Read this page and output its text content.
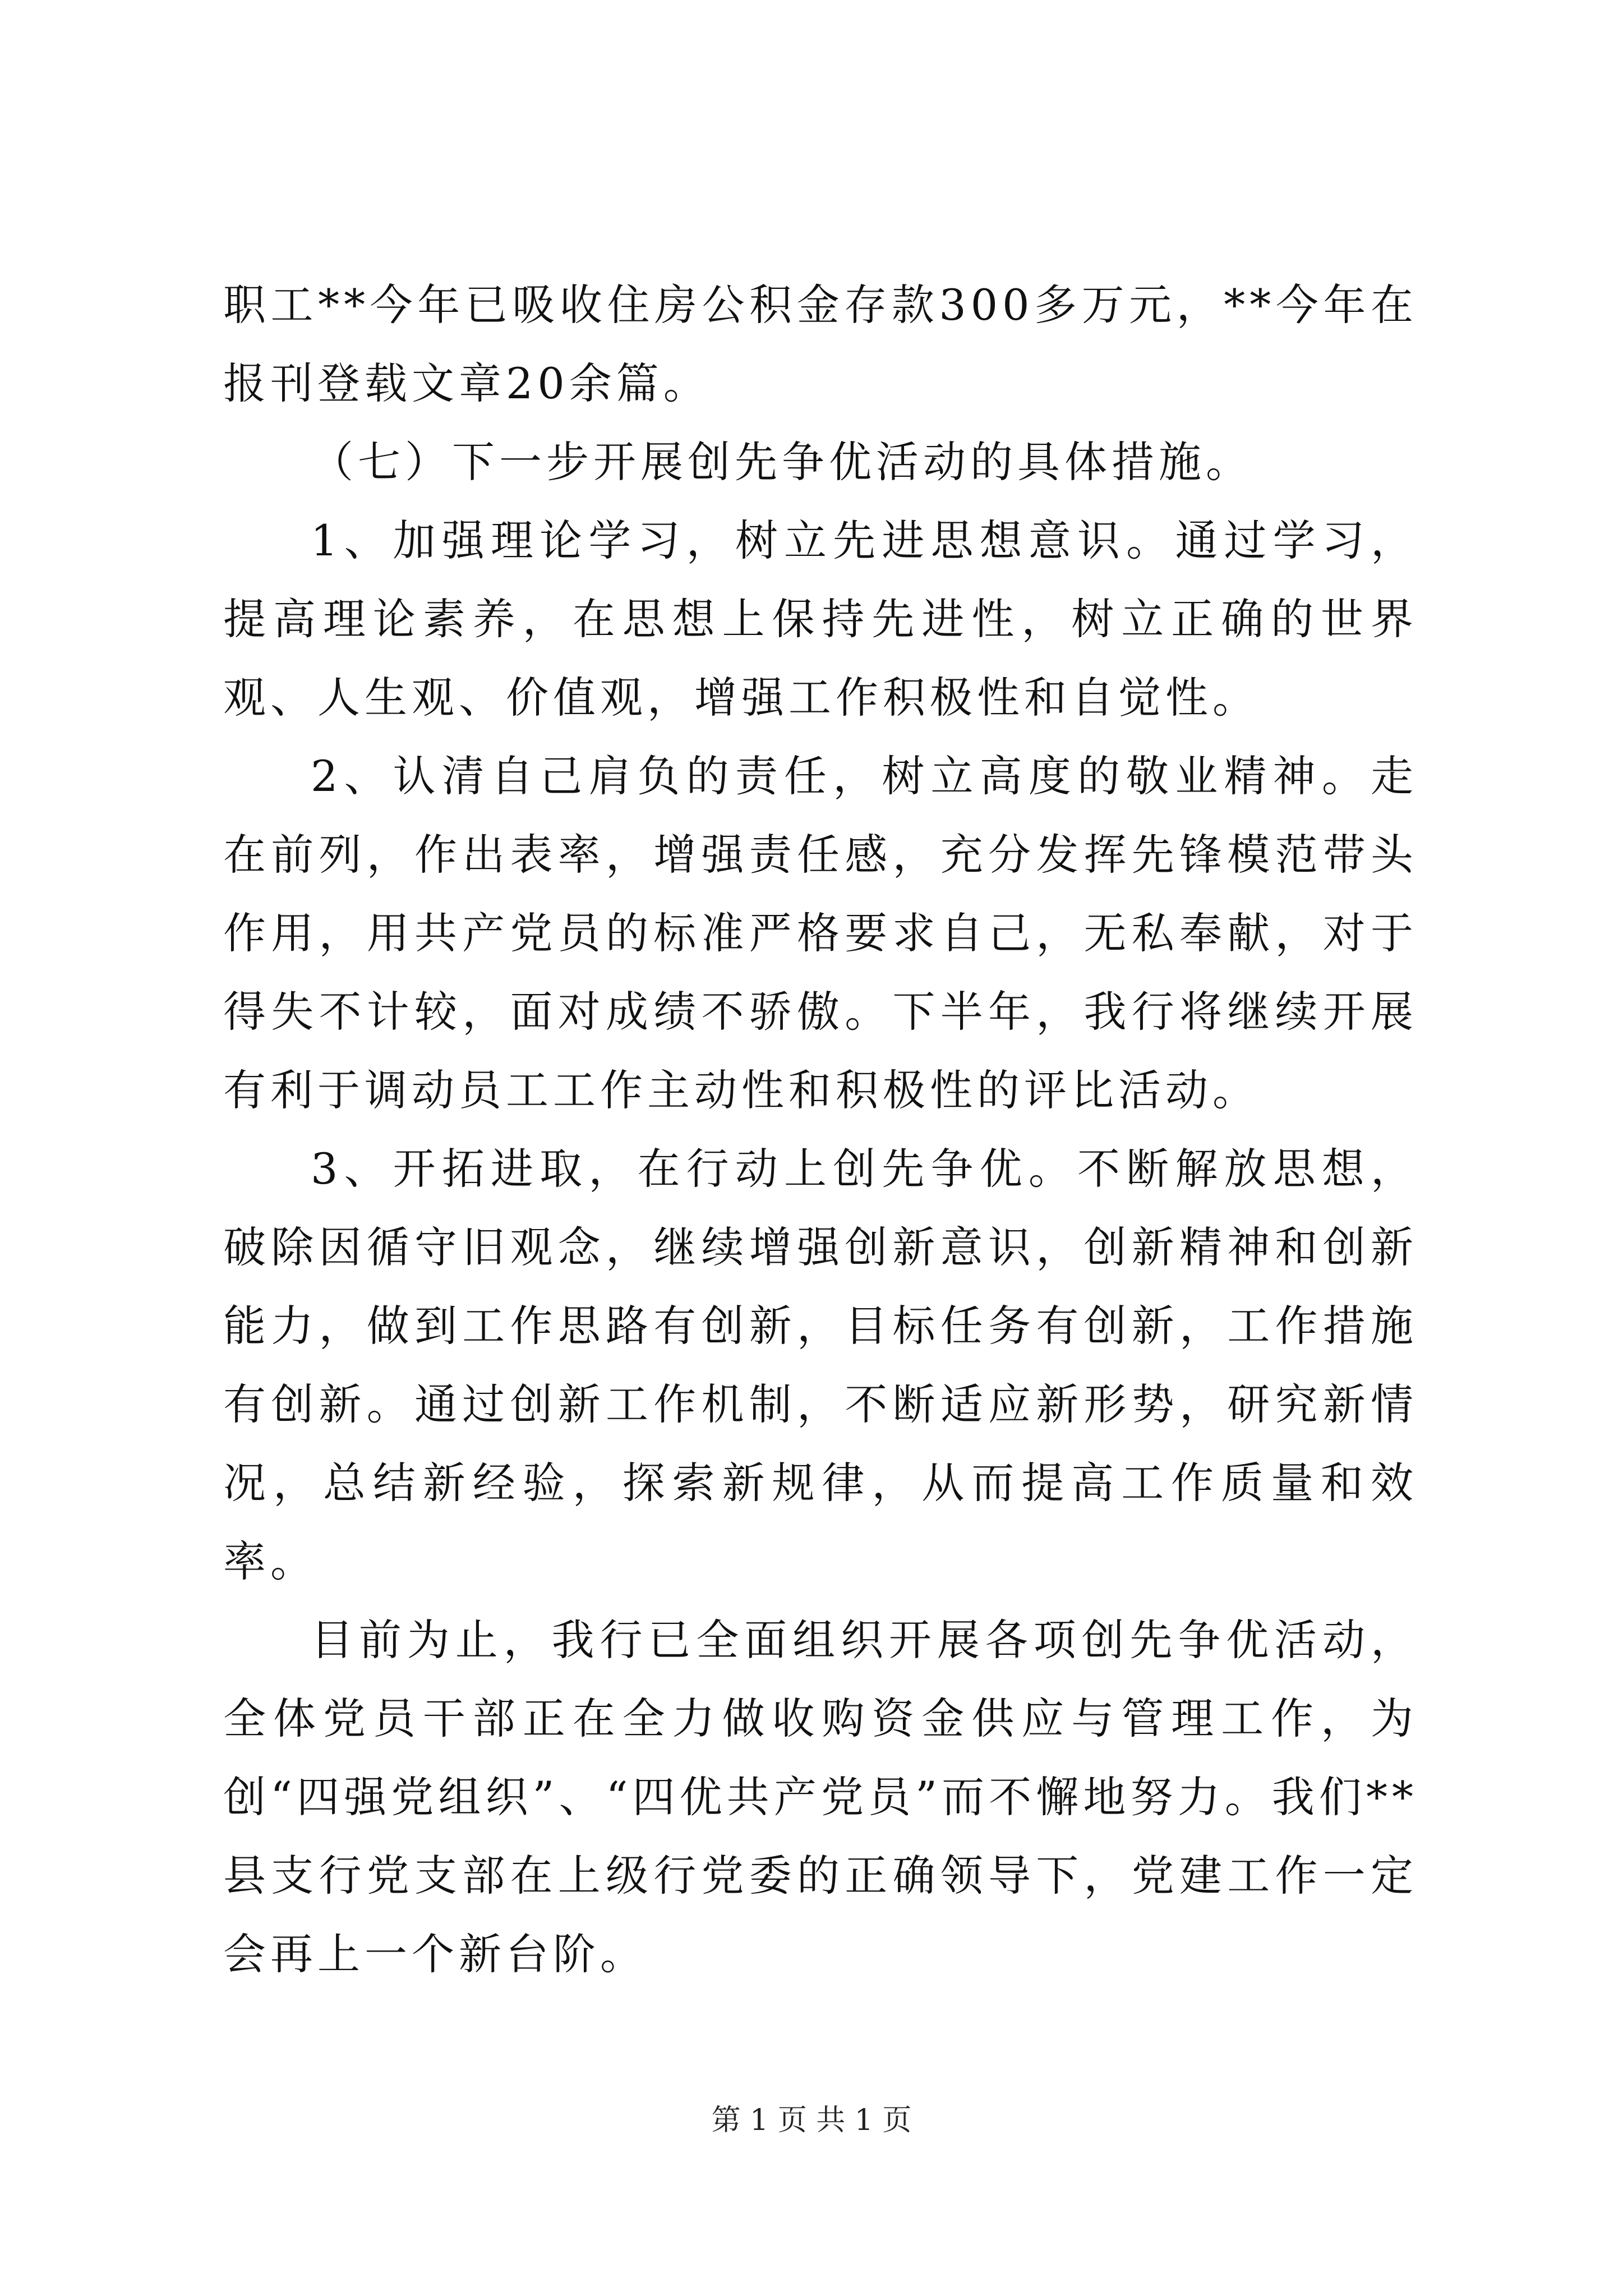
职工**今年已吸收住房公积金存款300多万元，**今年在报刊登载文章20余篇。

（七）下一步开展创先争优活动的具体措施。

1、加强理论学习，树立先进思想意识。通过学习，提高理论素养，在思想上保持先进性，树立正确的世界观、人生观、价值观，增强工作积极性和自觉性。

2、认清自己肩负的责任，树立高度的敬业精神。走在前列，作出表率，增强责任感，充分发挥先锋模范带头作用，用共产党员的标准严格要求自己，无私奉献，对于得失不计较，面对成绩不骄傲。下半年，我行将继续开展有利于调动员工工作主动性和积极性的评比活动。

3、开拓进取，在行动上创先争优。不断解放思想，破除因循守旧观念，继续增强创新意识，创新精神和创新能力，做到工作思路有创新，目标任务有创新，工作措施有创新。通过创新工作机制，不断适应新形势，研究新情况，总结新经验，探索新规律，从而提高工作质量和效率。

目前为止，我行已全面组织开展各项创先争优活动，全体党员干部正在全力做收购资金供应与管理工作，为创“四强党组织”、“四优共产党员”而不懈地努力。我们**县支行党支部在上级行党委的正确领导下，党建工作一定会再上一个新台阶。

第 1 页 共 1 页
